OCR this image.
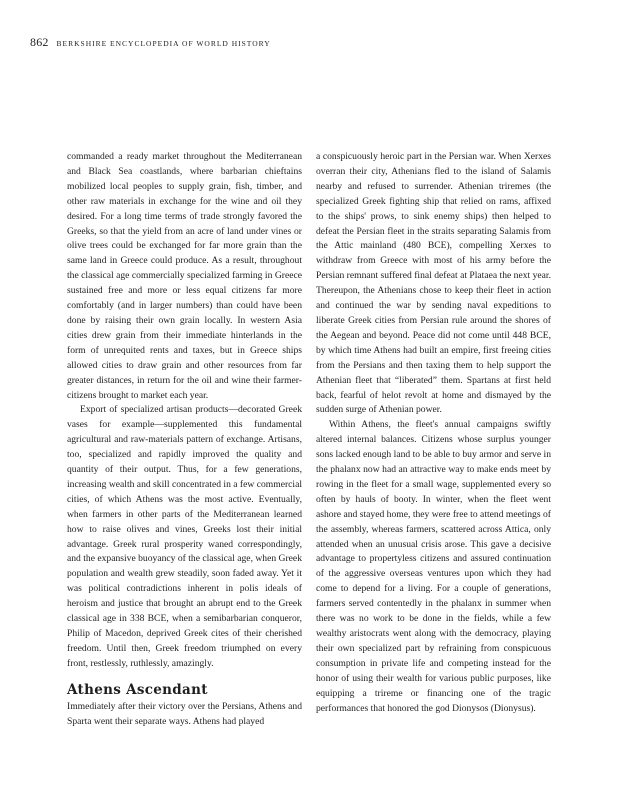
862 BERKSHIRE ENCYCLOPEDIA OF WORLD HISTORY

commanded a ready market throughout the Mediterranean and Black Sea coastlands, where barbarian chieftains mobilized local peoples to supply grain, fish, timber, and other raw materials in exchange for the wine and oil they desired. For a long time terms of trade strongly favored the Greeks, so that the yield from an acre of land under vines or olive trees could be exchanged for far more grain than the same land in Greece could produce. As a result, throughout the classical age commercially specialized farming in Greece sustained free and more or less equal citizens far more comfortably (and in larger numbers) than could have been done by raising their own grain locally. In western Asia cities drew grain from their immediate hinterlands in the form of unrequited rents and taxes, but in Greece ships allowed cities to draw grain and other resources from far greater distances, in return for the oil and wine their farmer-citizens brought to market each year.

Export of specialized artisan products—decorated Greek vases for example—supplemented this fundamental agricultural and raw-materials pattern of exchange. Artisans, too, specialized and rapidly improved the quality and quantity of their output. Thus, for a few generations, increasing wealth and skill concentrated in a few commercial cities, of which Athens was the most active. Eventually, when farmers in other parts of the Mediterranean learned how to raise olives and vines, Greeks lost their initial advantage. Greek rural prosperity waned correspondingly, and the expansive buoyancy of the classical age, when Greek population and wealth grew steadily, soon faded away. Yet it was political contradictions inherent in polis ideals of heroism and justice that brought an abrupt end to the Greek classical age in 338 BCE, when a semibarbarian conqueror, Philip of Macedon, deprived Greek cites of their cherished freedom. Until then, Greek freedom triumphed on every front, restlessly, ruthlessly, amazingly.

Athens Ascendant

Immediately after their victory over the Persians, Athens and Sparta went their separate ways. Athens had played

a conspicuously heroic part in the Persian war. When Xerxes overran their city, Athenians fled to the island of Salamis nearby and refused to surrender. Athenian triremes (the specialized Greek fighting ship that relied on rams, affixed to the ships' prows, to sink enemy ships) then helped to defeat the Persian fleet in the straits separating Salamis from the Attic mainland (480 BCE), compelling Xerxes to withdraw from Greece with most of his army before the Persian remnant suffered final defeat at Plataea the next year. Thereupon, the Athenians chose to keep their fleet in action and continued the war by sending naval expeditions to liberate Greek cities from Persian rule around the shores of the Aegean and beyond. Peace did not come until 448 BCE, by which time Athens had built an empire, first freeing cities from the Persians and then taxing them to help support the Athenian fleet that “liberated” them. Spartans at first held back, fearful of helot revolt at home and dismayed by the sudden surge of Athenian power.

Within Athens, the fleet's annual campaigns swiftly altered internal balances. Citizens whose surplus younger sons lacked enough land to be able to buy armor and serve in the phalanx now had an attractive way to make ends meet by rowing in the fleet for a small wage, supplemented every so often by hauls of booty. In winter, when the fleet went ashore and stayed home, they were free to attend meetings of the assembly, whereas farmers, scattered across Attica, only attended when an unusual crisis arose. This gave a decisive advantage to propertyless citizens and assured continuation of the aggressive overseas ventures upon which they had come to depend for a living. For a couple of generations, farmers served contentedly in the phalanx in summer when there was no work to be done in the fields, while a few wealthy aristocrats went along with the democracy, playing their own specialized part by refraining from conspicuous consumption in private life and competing instead for the honor of using their wealth for various public purposes, like equipping a trireme or financing one of the tragic performances that honored the god Dionysos (Dionysus).
